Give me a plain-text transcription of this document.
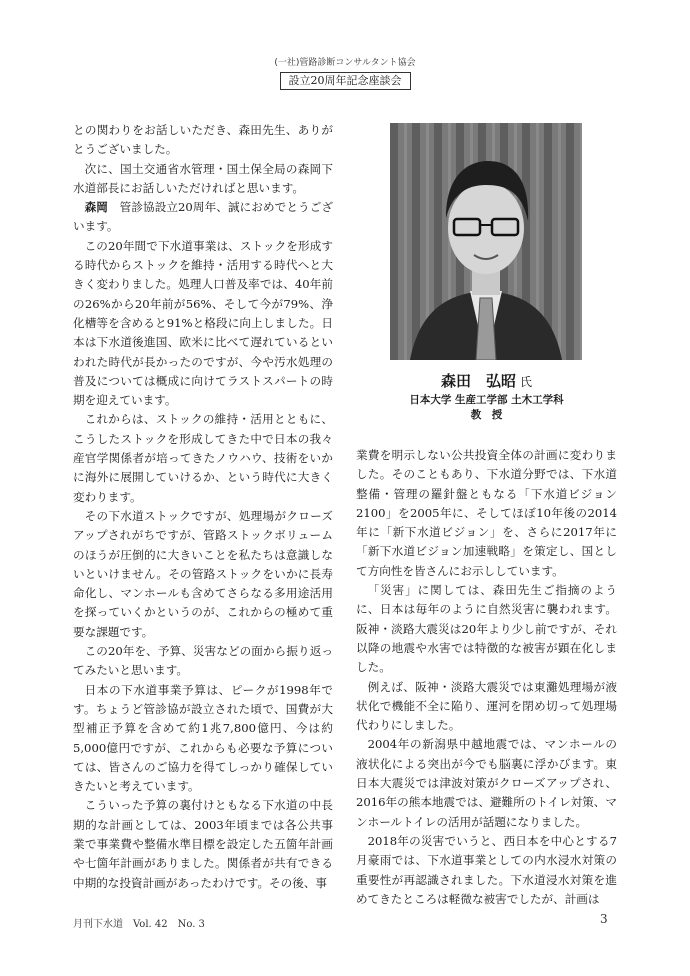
(一社)管路診断コンサルタント協会
設立20周年記念座談会

との関わりをお話しいただき、森田先生、ありがとうございました。

次に、国土交通省水管理・国土保全局の森岡下水道部長にお話しいただければと思います。

森岡　 管診協設立20周年、誠におめでとうございます。

この20年間で下水道事業は、ストックを形成する時代からストックを維持・活用する時代へと大きく変わりました。処理人口普及率では、40年前の26%から20年前が56%、そして今が79%、浄化槽等を含めると91%と格段に向上しました。日本は下水道後進国、欧米に比べて遅れているといわれた時代が長かったのですが、今や汚水処理の普及については概成に向けてラストスパートの時期を迎えています。

これからは、ストックの維持・活用とともに、こうしたストックを形成してきた中で日本の我々産官学関係者が培ってきたノウハウ、技術をいかに海外に展開していけるか、という時代に大きく変わります。

その下水道ストックですが、処理場がクローズアップされがちですが、管路ストックボリュームのほうが圧倒的に大きいことを私たちは意識しないといけません。その管路ストックをいかに長寿命化し、マンホールも含めてさらなる多用途活用を探っていくかというのが、これからの極めて重要な課題です。

この20年を、予算、災害などの面から振り返ってみたいと思います。

日本の下水道事業予算は、ピークが1998年です。ちょうど管診協が設立された頃で、国費が大型補正予算を含めて約1兆7,800億円、今は約5,000億円ですが、これからも必要な予算については、皆さんのご協力を得てしっかり確保していきたいと考えています。

こういった予算の裏付けともなる下水道の中長期的な計画としては、2003年頃までは各公共事業で事業費や整備水準目標を設定した五箇年計画や七箇年計画がありました。関係者が共有できる中期的な投資計画があったわけです。その後、事

森田　弘昭 氏
日本大学 生産工学部 土木工学科
教　授

業費を明示しない公共投資全体の計画に変わりました。そのこともあり、下水道分野では、下水道整備・管理の羅針盤ともなる「下水道ビジョン2100」を2005年に、そしてほぼ10年後の2014年に「新下水道ビジョン」を、さらに2017年に「新下水道ビジョン加速戦略」を策定し、国として方向性を皆さんにお示ししています。

「災害」に関しては、森田先生ご指摘のように、日本は毎年のように自然災害に襲われます。阪神・淡路大震災は20年より少し前ですが、それ以降の地震や水害では特徴的な被害が顕在化しました。

例えば、阪神・淡路大震災では東灘処理場が液状化で機能不全に陥り、運河を閉め切って処理場代わりにしました。

2004年の新潟県中越地震では、マンホールの液状化による突出が今でも脳裏に浮かびます。東日本大震災では津波対策がクローズアップされ、2016年の熊本地震では、避難所のトイレ対策、マンホールトイレの活用が話題になりました。

2018年の災害でいうと、西日本を中心とする7月豪雨では、下水道事業としての内水浸水対策の重要性が再認識されました。下水道浸水対策を進めてきたところは軽微な被害でしたが、計画は

月刊下水道　Vol. 42　No. 3	3
